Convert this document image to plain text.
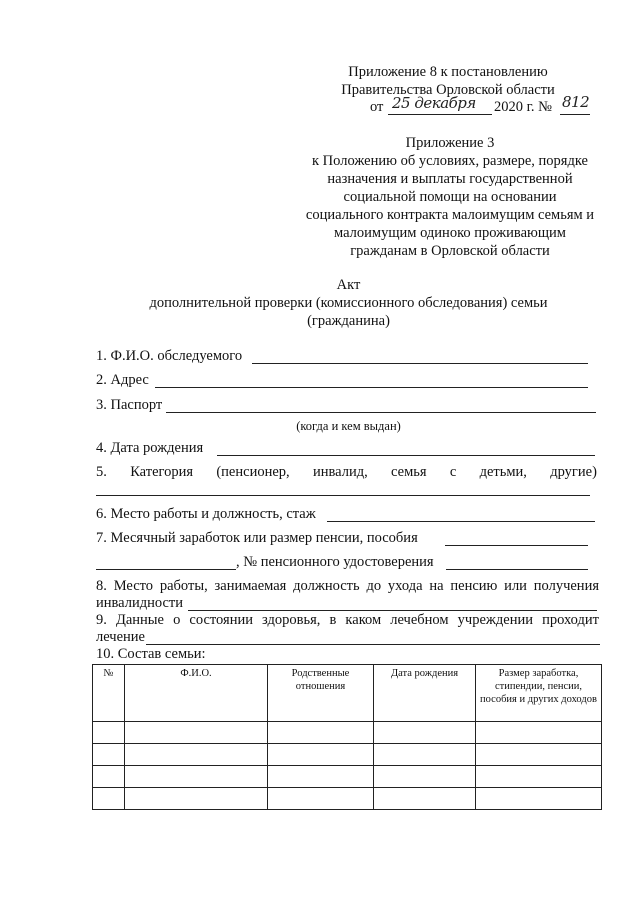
Приложение 8 к постановлению
Правительства Орловской области
от 25 декабря 2020 г. № 812
Приложение 3
к Положению об условиях, размере, порядке
назначения и выплаты государственной
социальной помощи на основании
социального контракта малоимущим семьям и
малоимущим одиноко проживающим
гражданам в Орловской области
Акт
дополнительной проверки (комиссионного обследования) семьи
(гражданина)
1. Ф.И.О. обследуемого
2. Адрес
3. Паспорт
(когда и кем выдан)
4. Дата рождения
5. Категория (пенсионер, инвалид, семья с детьми, другие)
6. Место работы и должность, стаж
7. Месячный заработок или размер пенсии, пособия
, № пенсионного удостоверения
8. Место работы, занимаемая должность до ухода на пенсию или получения
инвалидности
9. Данные о состоянии здоровья, в каком лечебном учреждении проходит
лечение
10. Состав семьи:
№	Ф.И.О.	Родственные отношения	Дата рождения	Размер заработка, стипендии, пенсии, пособия и других доходов
